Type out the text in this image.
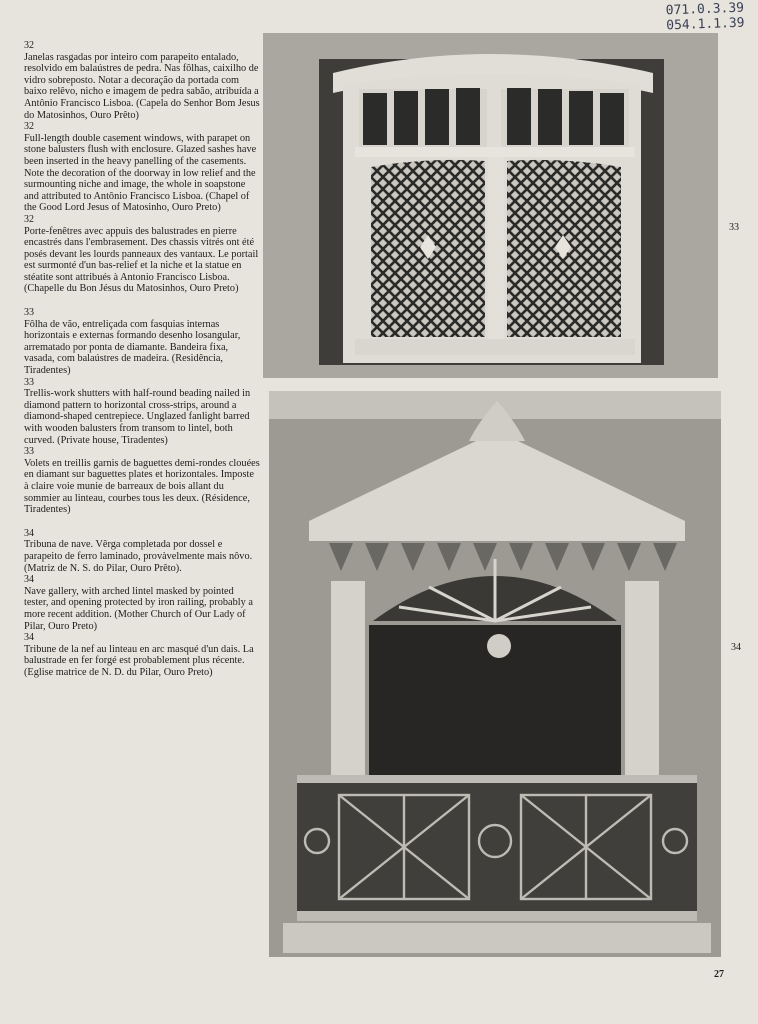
071.0.3.39
054.1.1.39

32
Janelas rasgadas por inteiro com parapeito entalado, resolvido em balaústres de pedra. Nas fôlhas, caixilho de vidro sobreposto. Notar a decoração da portada com baixo relêvo, nicho e imagem de pedra sabão, atribuída a Antônio Francisco Lisboa. (Capela do Senhor Bom Jesus do Matosinhos, Ouro Prêto)

32
Full-length double casement windows, with parapet on stone balusters flush with enclosure. Glazed sashes have been inserted in the heavy panelling of the casements. Note the decoration of the doorway in low relief and the surmounting niche and image, the whole in soapstone and attributed to Antônio Francisco Lisboa. (Chapel of the Good Lord Jesus of Matosinho, Ouro Preto)

32
Porte-fenêtres avec appuis des balustrades en pierre encastrés dans l'embrasement. Des chassis vitrés ont été posés devant les lourds panneaux des vantaux. Le portail est surmonté d'un bas-relief et la niche et la statue en stéatite sont attribués à Antonio Francisco Lisboa. (Chapelle du Bon Jésus du Matosinhos, Ouro Preto)

33
Fôlha de vão, entreliçada com fasquias internas horizontais e externas formando desenho losangular, arrematado por ponta de diamante. Bandeira fixa, vasada, com balaústres de madeira. (Residência, Tiradentes)

33
Trellis-work shutters with half-round beading nailed in diamond pattern to horizontal cross-strips, around a diamond-shaped centrepiece. Unglazed fanlight barred with wooden balusters from transom to lintel, both curved. (Private house, Tiradentes)

33
Volets en treillis garnis de baguettes demi-rondes clouées en diamant sur baguettes plates et horizontales. Imposte à claire voie munie de barreaux de bois allant du sommier au linteau, courbes tous les deux. (Résidence, Tiradentes)

34
Tribuna de nave. Vêrga completada por dossel e parapeito de ferro laminado, provàvelmente mais nôvo. (Matriz de N. S. do Pilar, Ouro Prêto).

34
Nave gallery, with arched lintel masked by pointed tester, and opening protected by iron railing, probably a more recent addition. (Mother Church of Our Lady of Pilar, Ouro Preto)

34
Tribune de la nef au linteau en arc masqué d'un dais. La balustrade en fer forgé est probablement plus récente. (Eglise matrice de N. D. du Pilar, Ouro Preto)

33
34
27
